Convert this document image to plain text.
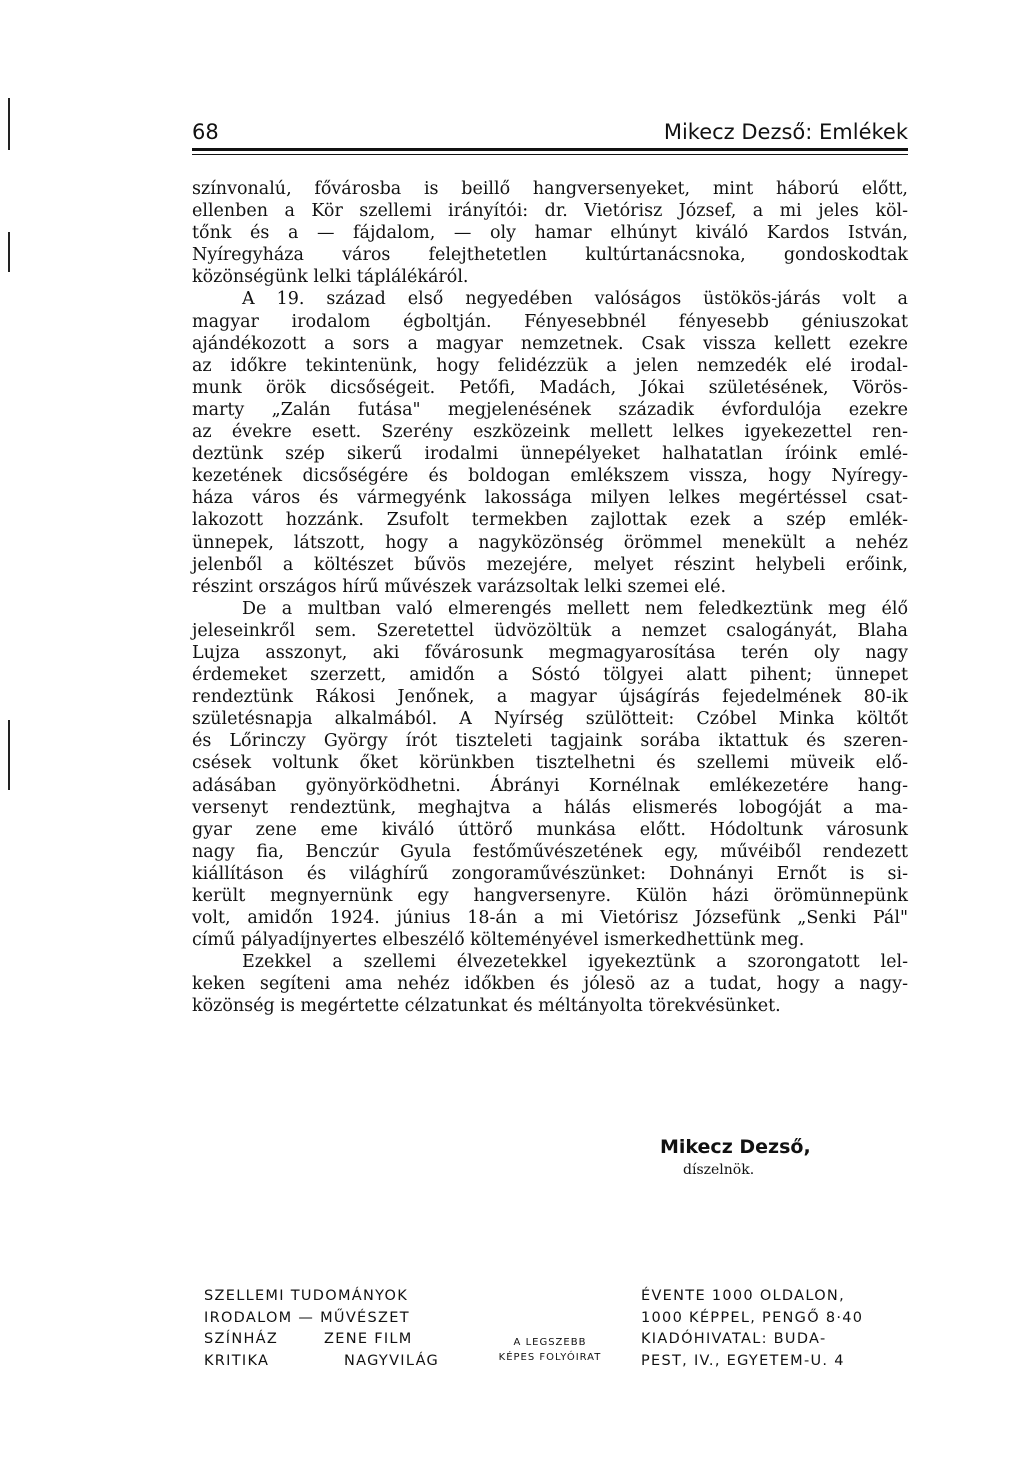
68	Mikecz Dezső: Emlékek
színvonalú, fővárosba is beillő hangversenyeket, mint háború előtt,
ellenben a Kör szellemi irányítói: dr. Vietórisz József, a mi jeles köl-
tőnk és a — fájdalom, — oly hamar elhúnyt kiváló Kardos István,
Nyíregyháza város felejthetetlen kultúrtanácsnoka, gondoskodtak
közönségünk lelki táplálékáról.
A 19. század első negyedében valóságos üstökös-járás volt a
magyar irodalom égboltján. Fényesebbnél fényesebb géniuszokat
ajándékozott a sors a magyar nemzetnek. Csak vissza kellett ezekre
az időkre tekintenünk, hogy felidézzük a jelen nemzedék elé irodal-
munk örök dicsőségeit. Petőfi, Madách, Jókai születésének, Vörös-
marty „Zalán futása" megjelenésének századik évfordulója ezekre
az évekre esett. Szerény eszközeink mellett lelkes igyekezettel ren-
deztünk szép sikerű irodalmi ünnepélyeket halhatatlan íróink emlé-
kezetének dicsőségére és boldogan emlékszem vissza, hogy Nyíregy-
háza város és vármegyénk lakossága milyen lelkes megértéssel csat-
lakozott hozzánk. Zsufolt termekben zajlottak ezek a szép emlék-
ünnepek, látszott, hogy a nagyközönség örömmel menekült a nehéz
jelenből a költészet bűvös mezejére, melyet részint helybeli erőink,
részint országos hírű művészek varázsoltak lelki szemei elé.
De a multban való elmerengés mellett nem feledkeztünk meg élő
jeleseinkről sem. Szeretettel üdvözöltük a nemzet csalogányát, Blaha
Lujza asszonyt, aki fővárosunk megmagyarosítása terén oly nagy
érdemeket szerzett, amidőn a Sóstó tölgyei alatt pihent; ünnepet
rendeztünk Rákosi Jenőnek, a magyar újságírás fejedelmének 80-ik
születésnapja alkalmából. A Nyírség szülötteit: Czóbel Minka költőt
és Lőrinczy György írót tiszteleti tagjaink sorába iktattuk és szeren-
csések voltunk őket körünkben tisztelhetni és szellemi müveik elő-
adásában gyönyörködhetni. Ábrányi Kornélnak emlékezetére hang-
versenyt rendeztünk, meghajtva a hálás elismerés lobogóját a ma-
gyar zene eme kiváló úttörő munkása előtt. Hódoltunk városunk
nagy fia, Benczúr Gyula festőművészetének egy, művéiből rendezett
kiállításon és világhírű zongoraművészünket: Dohnányi Ernőt is si-
került megnyernünk egy hangversenyre. Külön házi örömünnepünk
volt, amidőn 1924. június 18-án a mi Vietórisz Józsefünk „Senki Pál"
című pályadíjnyertes elbeszélő költeményével ismerkedhettünk meg.
Ezekkel a szellemi élvezetekkel igyekeztünk a szorongatott lel-
keken segíteni ama nehéz időkben és jólesö az a tudat, hogy a nagy-
közönség is megértette célzatunkat és méltányolta törekvésünket.
Mikecz Dezső,
díszelnök.
SZELLEMI TUDOMÁNYOK
IRODALOM — MŰVÉSZET
SZÍNHÁZ	ZENE FILM
KRITIKA	NAGYVILÁG
A LEGSZEBB
KÉPES FOLYÓIRAT
ÉVENTE 1000 OLDALON,
1000 KÉPPEL, PENGŐ 8·40
KIADÓHIVATAL: BUDA-
PEST, IV., EGYETEM-U. 4
